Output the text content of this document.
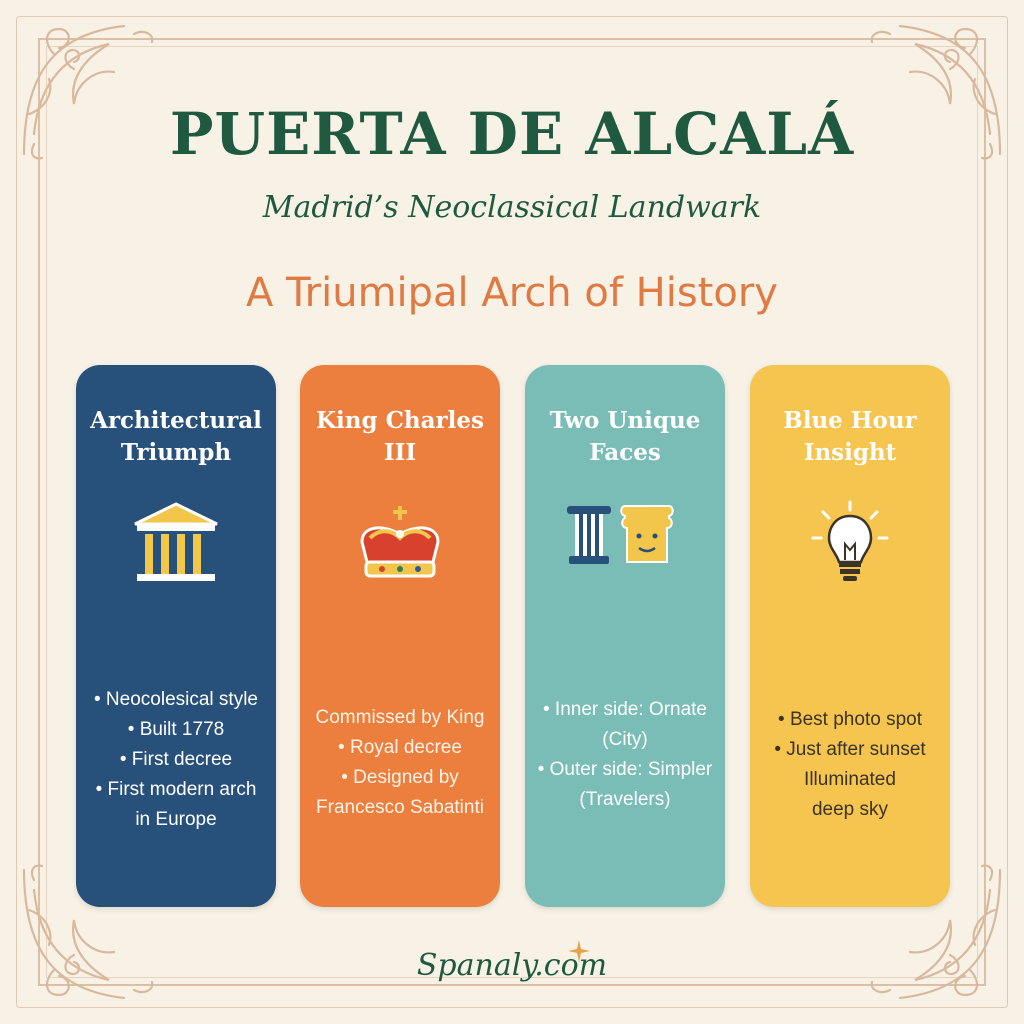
PUERTA DE ALCALÁ
Madrid’s Neoclassical Landwark
A Triumipal Arch of History
Architectural Triumph
• Neocolesical style
• Built 1778
• First decree
• First modern arch
in Europe
King Charles III
Commissed by King
• Royal decree
• Designed by
Francesco Sabatinti
Two Unique Faces
• Inner side: Ornate
(City)
• Outer side: Simpler
(Travelers)
Blue Hour Insight
• Best photo spot
• Just after sunset
Illuminated
deep sky
Spanaly.com
